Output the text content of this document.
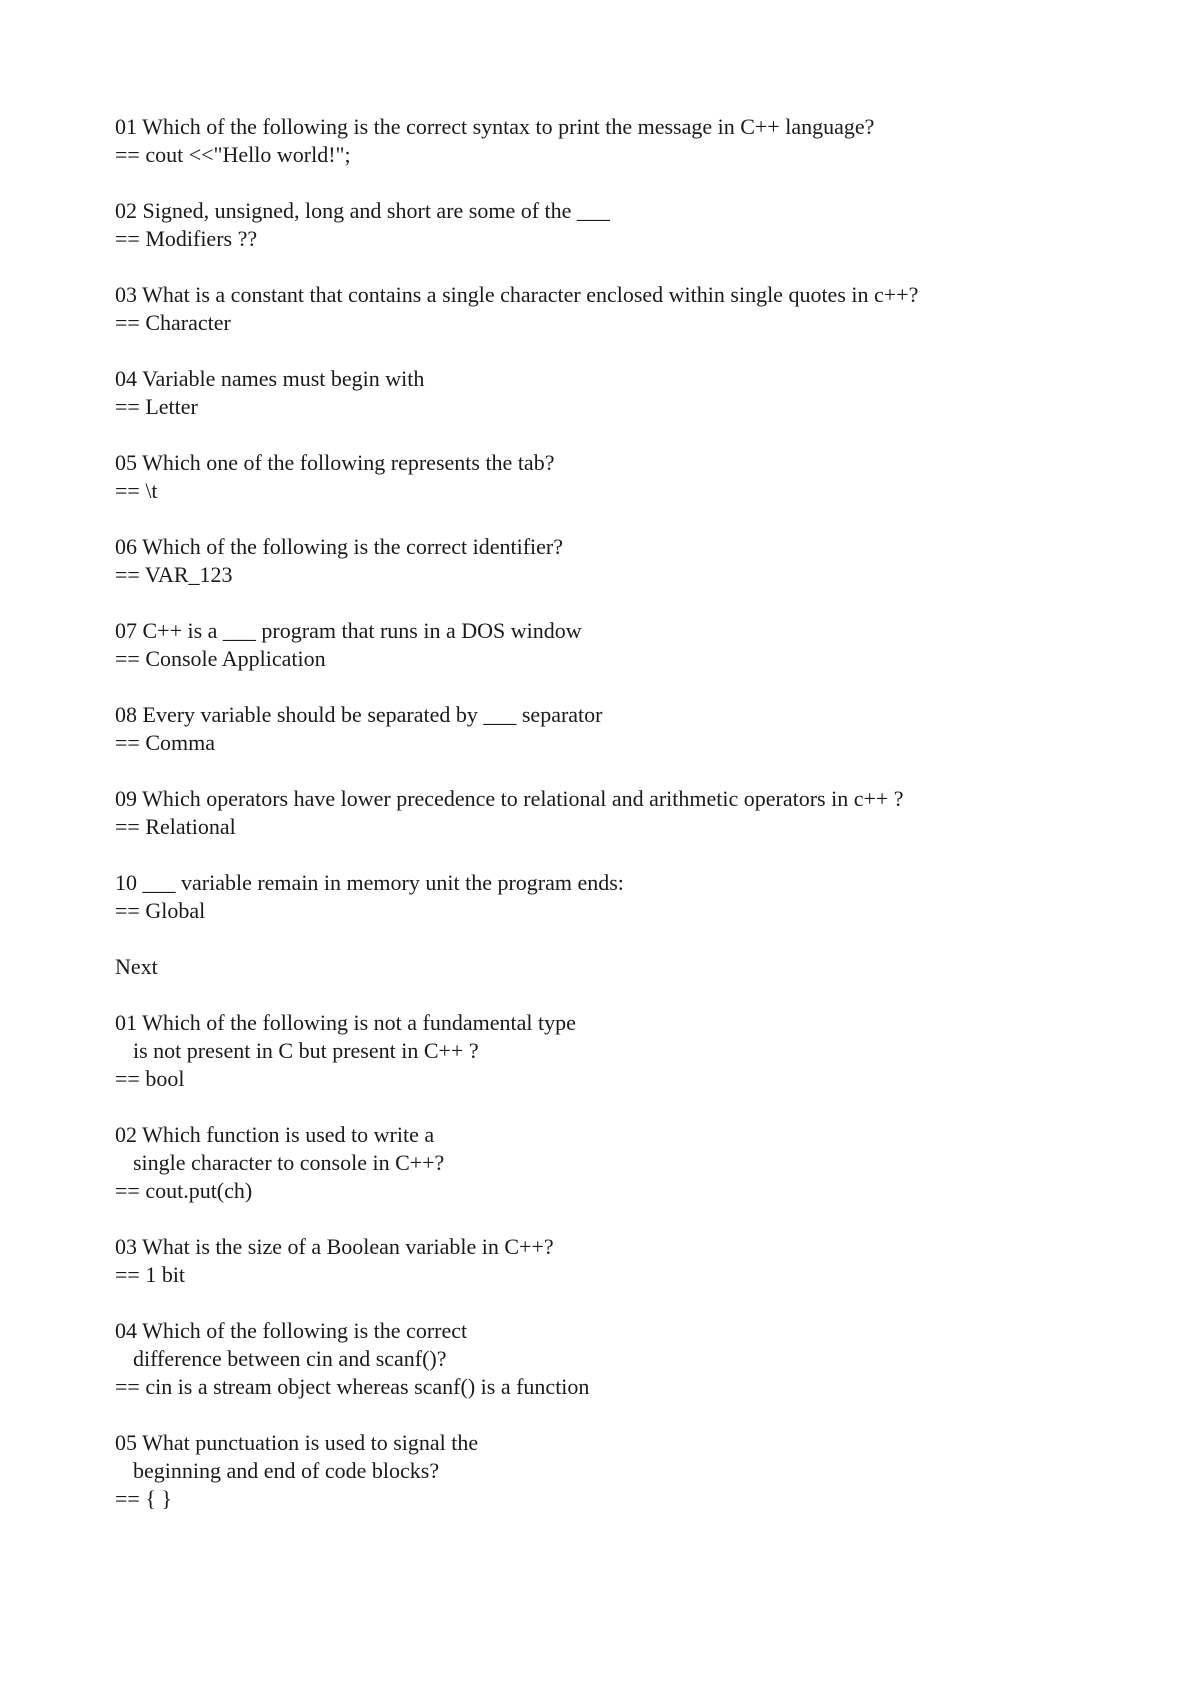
01 Which of the following is the correct syntax to print the message in C++ language?
== cout <<"Hello world!";
02 Signed, unsigned, long and short are some of the ___
== Modifiers ??
03 What is a constant that contains a single character enclosed within single quotes in c++?
== Character
04 Variable names must begin with
== Letter
05 Which one of the following represents the tab?
== \t
06 Which of the following is the correct identifier?
== VAR_123
07 C++ is a ___ program that runs in a DOS window
== Console Application
08 Every variable should be separated by ___ separator
== Comma
09 Which operators have lower precedence to relational and arithmetic operators in c++ ?
== Relational
10 ___ variable remain in memory unit the program ends:
== Global
Next
01 Which of the following is not a fundamental type
is not present in C but present in C++ ?
== bool
02 Which function is used to write a
single character to console in C++?
== cout.put(ch)
03 What is the size of a Boolean variable in C++?
== 1 bit
04 Which of the following is the correct
difference between cin and scanf()?
== cin is a stream object whereas scanf() is a function
05 What punctuation is used to signal the
beginning and end of code blocks?
== { }
